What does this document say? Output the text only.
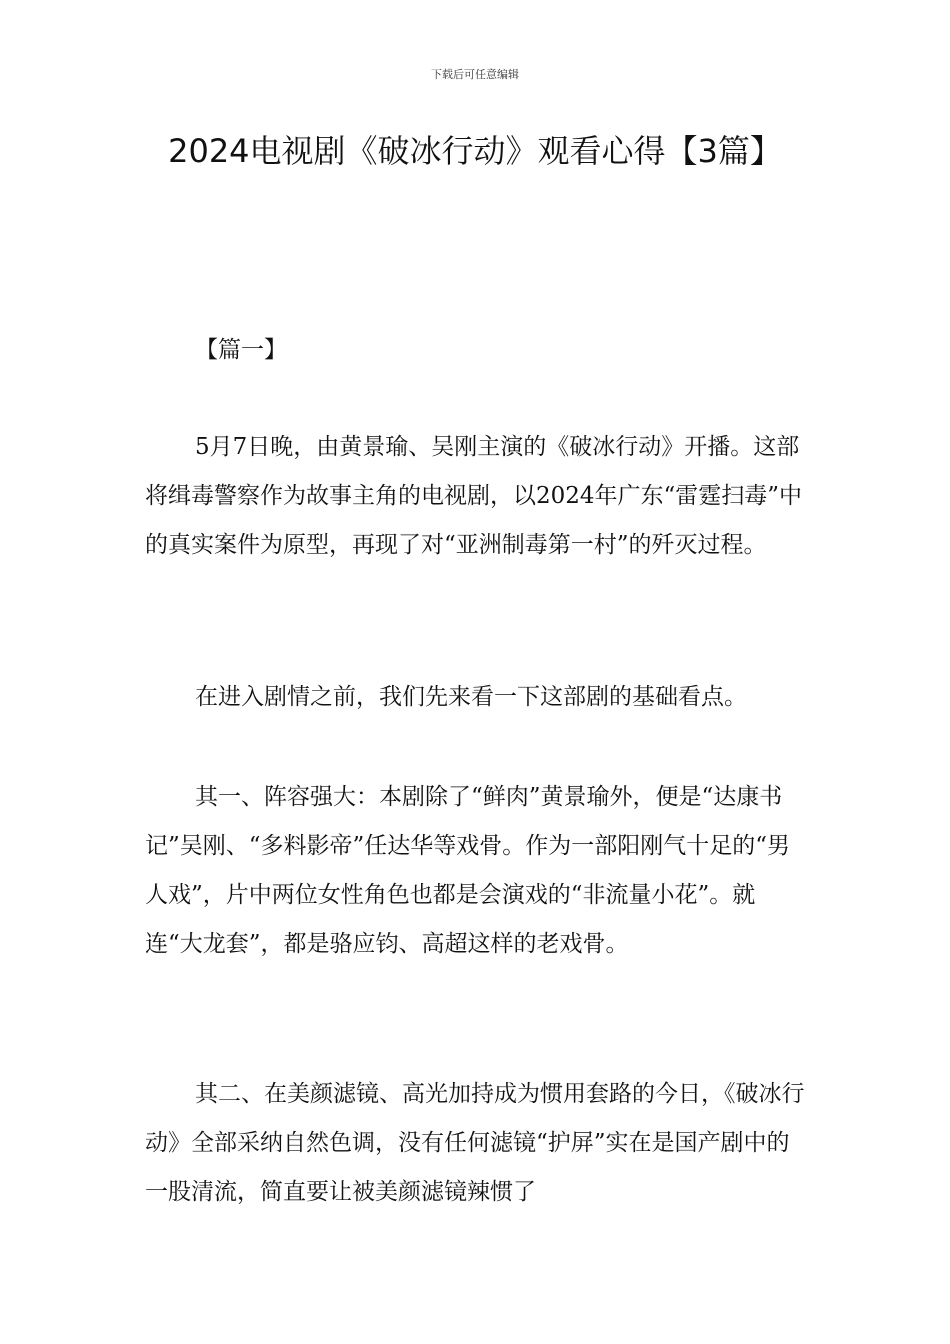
下载后可任意编辑
2024电视剧《破冰行动》观看心得【3篇】

【篇一】

5月7日晚，由黄景瑜、吴刚主演的《破冰行动》开播。这部将缉毒警察作为故事主角的电视剧，以2024年广东“雷霆扫毒”中的真实案件为原型，再现了对“亚洲制毒第一村”的歼灭过程。

在进入剧情之前，我们先来看一下这部剧的基础看点。

其一、阵容强大：本剧除了“鲜肉”黄景瑜外，便是“达康书记”吴刚、“多料影帝”任达华等戏骨。作为一部阳刚气十足的“男人戏”，片中两位女性角色也都是会演戏的“非流量小花”。就连“大龙套”，都是骆应钧、高超这样的老戏骨。

其二、在美颜滤镜、高光加持成为惯用套路的今日，《破冰行动》全部采纳自然色调，没有任何滤镜“护屏”实在是国产剧中的一股清流，简直要让被美颜滤镜辣惯了
